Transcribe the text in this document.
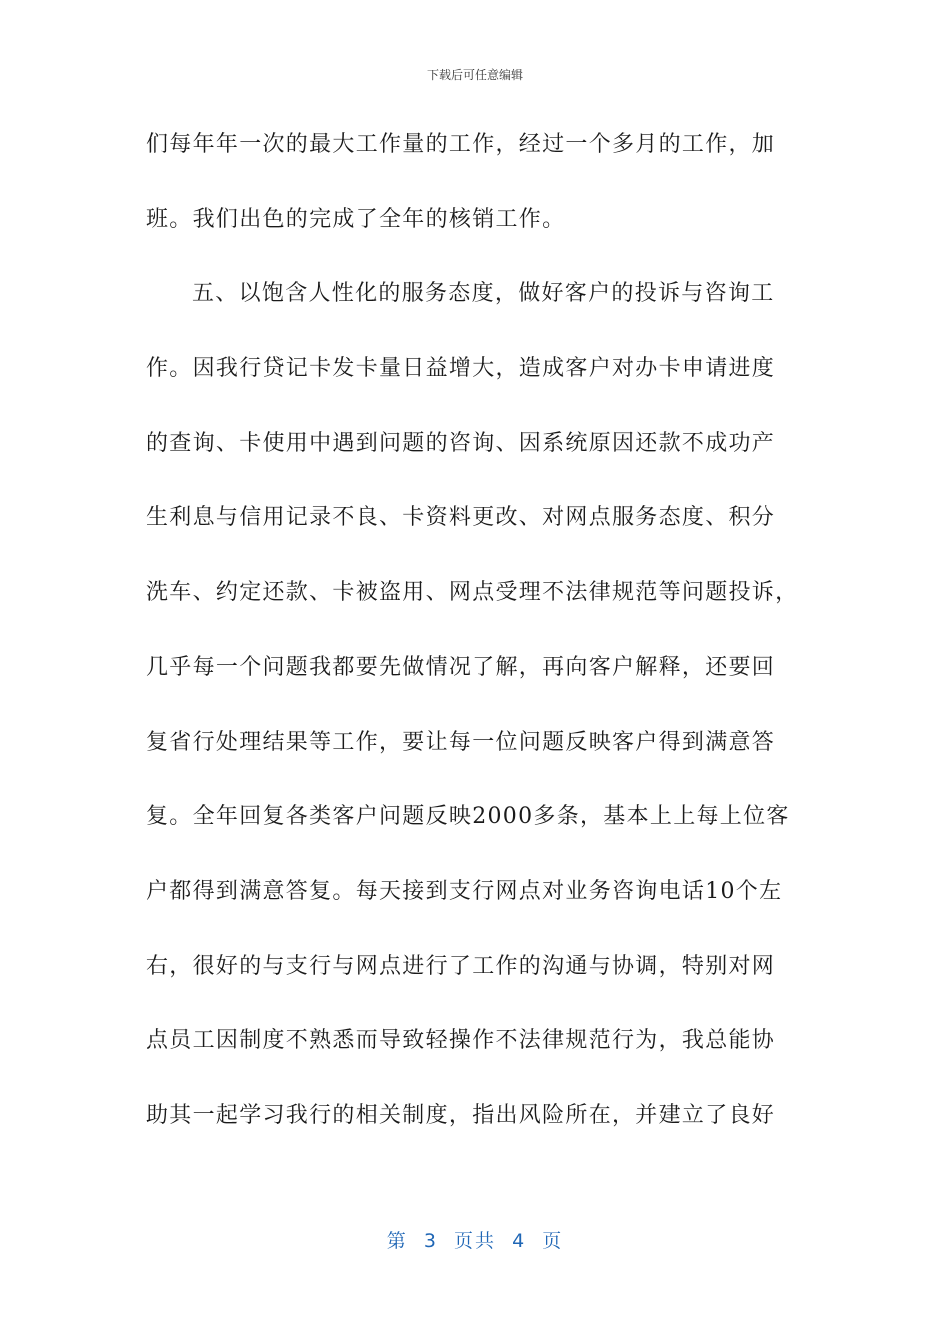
下载后可任意编辑
们每年年一次的最大工作量的工作，经过一个多月的工作，加
班。我们出色的完成了全年的核销工作。
五、以饱含人性化的服务态度，做好客户的投诉与咨询工
作。因我行贷记卡发卡量日益增大，造成客户对办卡申请进度
的查询、卡使用中遇到问题的咨询、因系统原因还款不成功产
生利息与信用记录不良、卡资料更改、对网点服务态度、积分
洗车、约定还款、卡被盗用、网点受理不法律规范等问题投诉，
几乎每一个问题我都要先做情况了解，再向客户解释，还要回
复省行处理结果等工作，要让每一位问题反映客户得到满意答
复。全年回复各类客户问题反映2000多条，基本上上每上位客
户都得到满意答复。每天接到支行网点对业务咨询电话10个左
右，很好的与支行与网点进行了工作的沟通与协调，特别对网
点员工因制度不熟悉而导致轻操作不法律规范行为，我总能协
助其一起学习我行的相关制度，指出风险所在，并建立了良好
第  3  页共  4  页
